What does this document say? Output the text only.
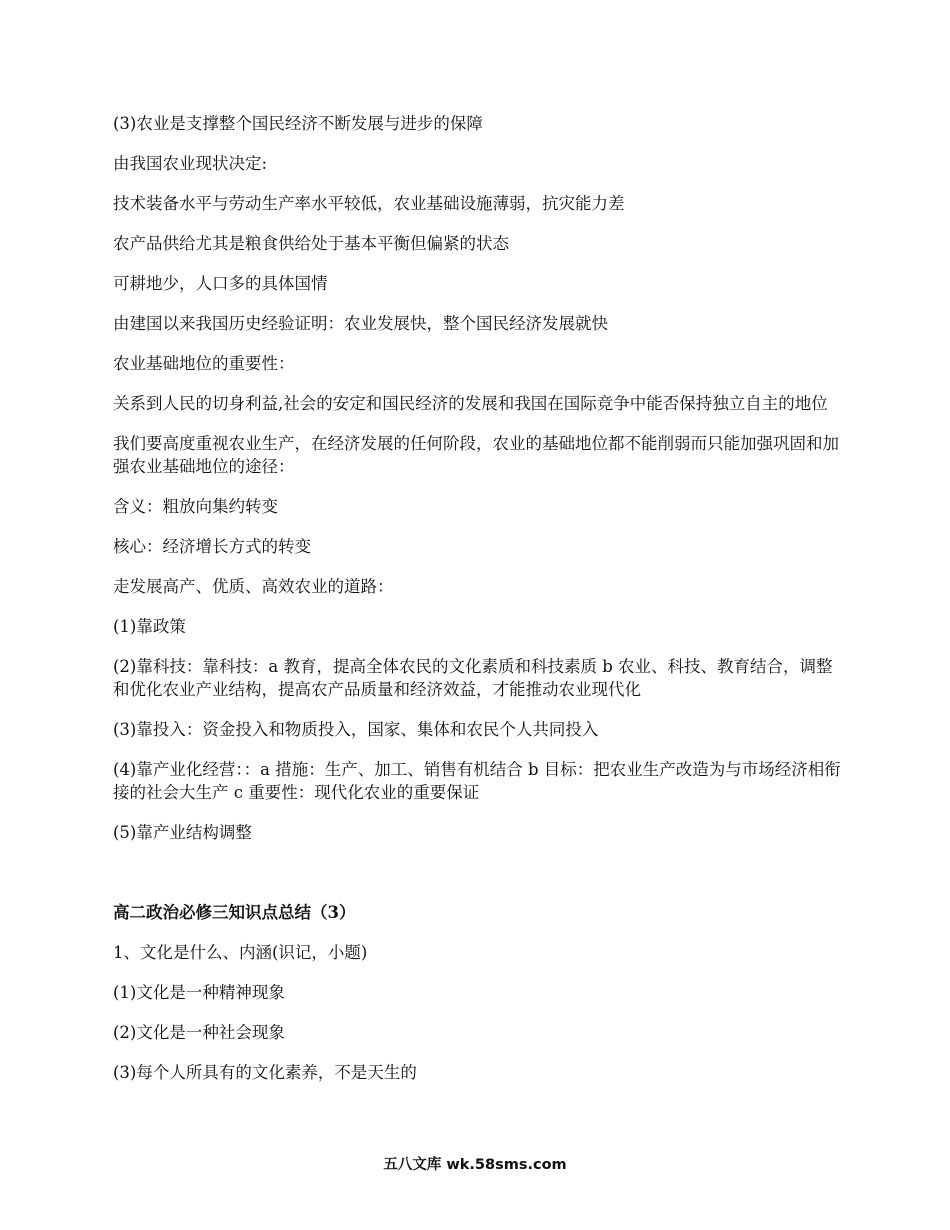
(3)农业是支撑整个国民经济不断发展与进步的保障

由我国农业现状决定:

技术装备水平与劳动生产率水平较低，农业基础设施薄弱，抗灾能力差

农产品供给尤其是粮食供给处于基本平衡但偏紧的状态

可耕地少，人口多的具体国情

由建国以来我国历史经验证明：农业发展快，整个国民经济发展就快

农业基础地位的重要性：

关系到人民的切身利益,社会的安定和国民经济的发展和我国在国际竞争中能否保持独立自主的地位

我们要高度重视农业生产，在经济发展的任何阶段，农业的基础地位都不能削弱而只能加强巩固和加强农业基础地位的途径：

含义：粗放向集约转变

核心：经济增长方式的转变

走发展高产、优质、高效农业的道路：

(1)靠政策

(2)靠科技：靠科技：a 教育，提高全体农民的文化素质和科技素质 b 农业、科技、教育结合，调整和优化农业产业结构，提高农产品质量和经济效益，才能推动农业现代化

(3)靠投入：资金投入和物质投入，国家、集体和农民个人共同投入

(4)靠产业化经营：：a 措施：生产、加工、销售有机结合 b 目标：把农业生产改造为与市场经济相衔接的社会大生产 c 重要性：现代化农业的重要保证

(5)靠产业结构调整

高二政治必修三知识点总结（3）

1、文化是什么、内涵(识记，小题)

(1)文化是一种精神现象

(2)文化是一种社会现象

(3)每个人所具有的文化素养，不是天生的

五八文库 wk.58sms.com
